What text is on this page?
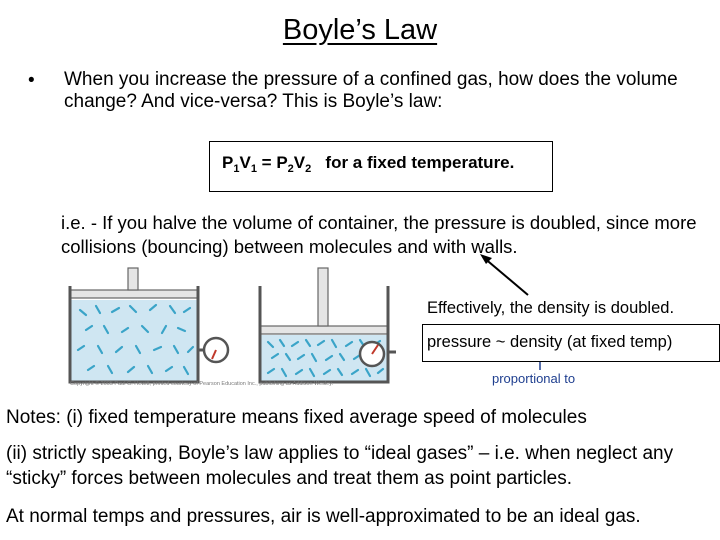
Boyle’s Law
• When you increase the pressure of a confined gas, how does the volume change? And vice-versa? This is Boyle’s law:
$P_1V_1 = P_2V_2$   for a fixed temperature.
i.e. - If you halve the volume of container, the pressure is doubled, since more collisions (bouncing) between molecules and with walls.
Copyright © 2005 Paul G. Hewitt, printed courtesy of Pearson Education Inc., publishing as Addison Wesley.
Effectively, the density is doubled.
pressure ~ density (at fixed temp)
proportional to
Notes: (i) fixed temperature means fixed average speed of molecules
(ii) strictly speaking, Boyle’s law applies to “ideal gases” – i.e. when neglect any “sticky” forces between molecules and treat them as point particles.
At normal temps and pressures, air is well-approximated to be an ideal gas.
